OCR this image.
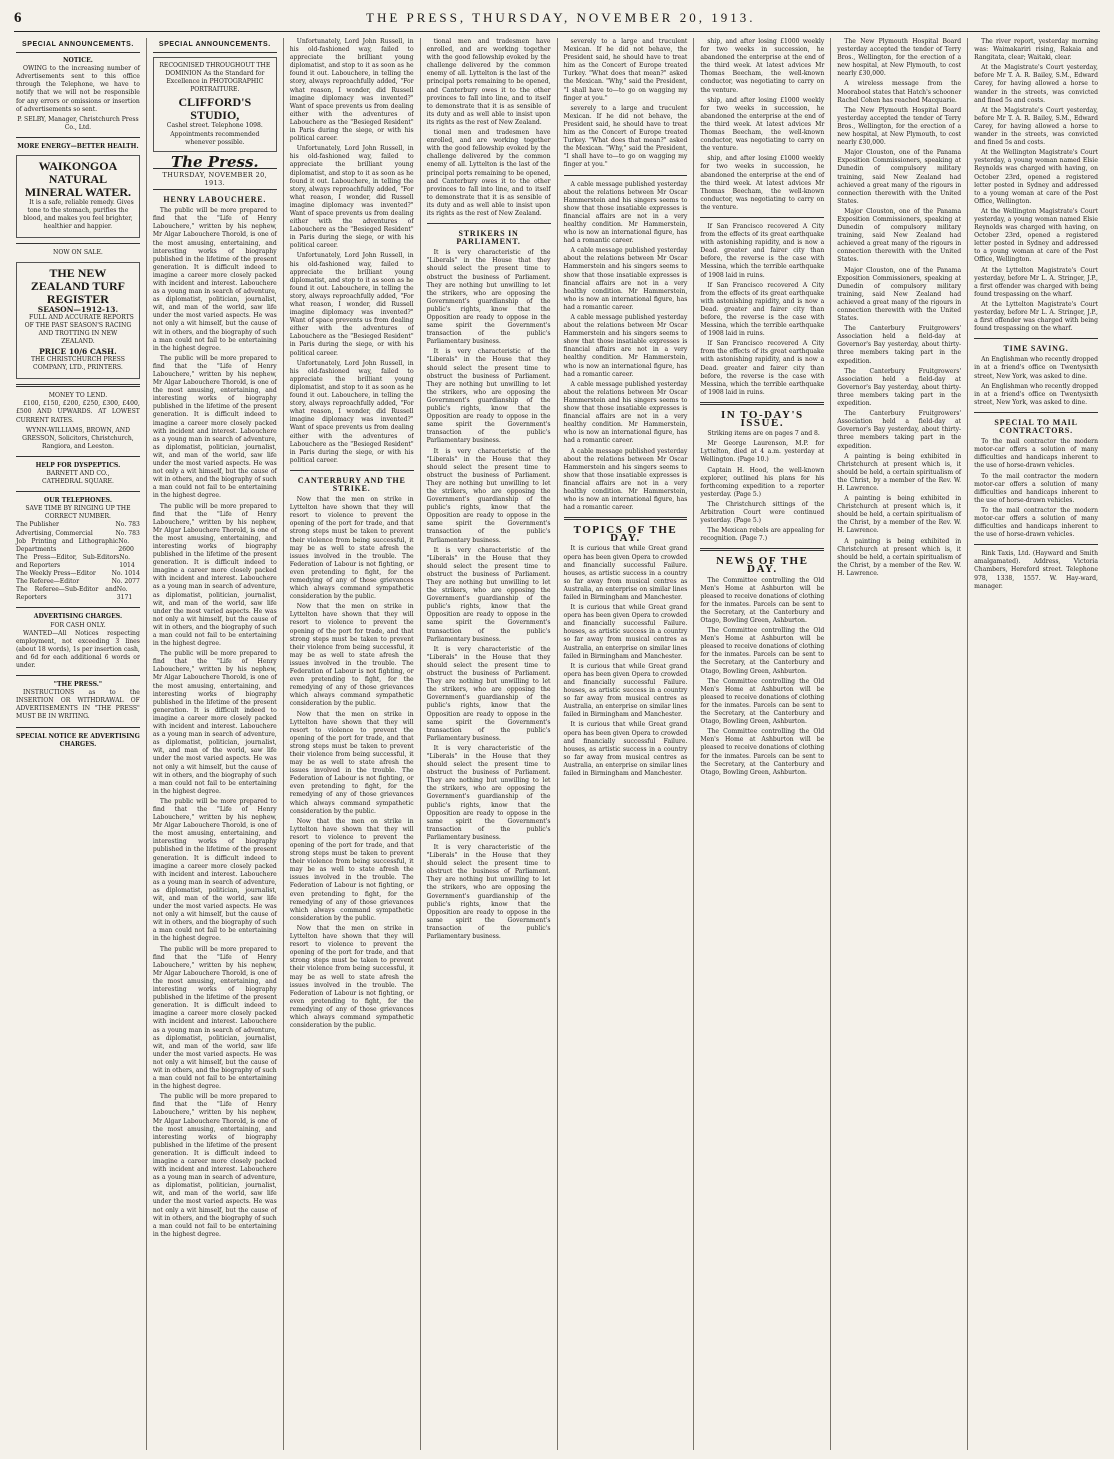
6	THE PRESS, THURSDAY, NOVEMBER 20, 1913.
SPECIAL ANNOUNCEMENTS.
NOTICE.

OWING to the increasing number of Advertisements sent to this office through the Telephone, we have to notify that we will not be responsible for any errors or omissions or insertion of advertisements so sent.

P. SELBY, Manager, Christchurch Press Co., Ltd.

MORE ENERGY—BETTER HEALTH.
WAIKONGOA NATURAL MINERAL WATER.

It is a safe, reliable remedy. Gives tone to the stomach, purifies the blood, and makes you feel brighter, healthier and happier.

NOW ON SALE.
THE NEW ZEALAND TURF REGISTER
SEASON—1912-13.

FULL AND ACCURATE REPORTS OF THE PAST SEASON'S RACING AND TROTTING IN NEW ZEALAND.

PRICE 10/6 CASH.

THE CHRISTCHURCH PRESS COMPANY, LTD., PRINTERS.

MONEY TO LEND.

£100, £150, £200, £250, £300, £400, £500 AND UPWARDS. AT LOWEST CURRENT RATES.

WYNN-WILLIAMS, BROWN, AND GRESSON, Solicitors, Christchurch, Rangiora, and Leeston.

HELP FOR DYSPEPTICS.
BARNETT AND CO.,
CATHEDRAL SQUARE.
OUR TELEPHONES.
SAVE TIME BY RINGING UP THE CORRECT NUMBER.
The Publisher	No. 783
Advertising, Commercial	No. 783
Job Printing and Lithographic Departments
No. 2600
The Press—Editor, Sub-Editors and Reporters
No. 1014
The Weekly Press—Editor	No. 1014
The Referee—Editor	No. 2077
The Referee—Sub-Editor and Reporters
No. 3171
ADVERTISING CHARGES.
FOR CASH ONLY.

WANTED—All Notices respecting employment, not exceeding 3 lines (about 18 words), 1s per insertion cash, and 6d for each additional 6 words or under.

"THE PRESS."

INSTRUCTIONS as to the INSERTION OR WITHDRAWAL OF ADVERTISEMENTS IN "THE PRESS" MUST BE IN WRITING.

SPECIAL NOTICE RE ADVERTISING CHARGES.
SPECIAL ANNOUNCEMENTS.

RECOGNISED THROUGHOUT THE DOMINION As the Standard for Excellence in PHOTOGRAPHIC PORTRAITURE.

CLIFFORD'S STUDIO,
Cashel street. Telephone 1098.
Appointments recommended whenever possible.
The Press.
THURSDAY, NOVEMBER 20, 1913.
HENRY LABOUCHERE.

The public will be more prepared to find that the "Life of Henry Labouchere," written by his nephew, Mr Algar Labouchere Thorold, is one of the most amusing, entertaining, and interesting works of biography published in the lifetime of the present generation. It is difficult indeed to imagine a career more closely packed with incident and interest. Labouchere as a young man in search of adventure, as diplomatist, politician, journalist, wit, and man of the world, saw life under the most varied aspects. He was not only a wit himself, but the cause of wit in others, and the biography of such a man could not fail to be entertaining in the highest degree.

The public will be more prepared to find that the "Life of Henry Labouchere," written by his nephew, Mr Algar Labouchere Thorold, is one of the most amusing, entertaining, and interesting works of biography published in the lifetime of the present generation. It is difficult indeed to imagine a career more closely packed with incident and interest. Labouchere as a young man in search of adventure, as diplomatist, politician, journalist, wit, and man of the world, saw life under the most varied aspects. He was not only a wit himself, but the cause of wit in others, and the biography of such a man could not fail to be entertaining in the highest degree.

The public will be more prepared to find that the "Life of Henry Labouchere," written by his nephew, Mr Algar Labouchere Thorold, is one of the most amusing, entertaining, and interesting works of biography published in the lifetime of the present generation. It is difficult indeed to imagine a career more closely packed with incident and interest. Labouchere as a young man in search of adventure, as diplomatist, politician, journalist, wit, and man of the world, saw life under the most varied aspects. He was not only a wit himself, but the cause of wit in others, and the biography of such a man could not fail to be entertaining in the highest degree.

The public will be more prepared to find that the "Life of Henry Labouchere," written by his nephew, Mr Algar Labouchere Thorold, is one of the most amusing, entertaining, and interesting works of biography published in the lifetime of the present generation. It is difficult indeed to imagine a career more closely packed with incident and interest. Labouchere as a young man in search of adventure, as diplomatist, politician, journalist, wit, and man of the world, saw life under the most varied aspects. He was not only a wit himself, but the cause of wit in others, and the biography of such a man could not fail to be entertaining in the highest degree.

The public will be more prepared to find that the "Life of Henry Labouchere," written by his nephew, Mr Algar Labouchere Thorold, is one of the most amusing, entertaining, and interesting works of biography published in the lifetime of the present generation. It is difficult indeed to imagine a career more closely packed with incident and interest. Labouchere as a young man in search of adventure, as diplomatist, politician, journalist, wit, and man of the world, saw life under the most varied aspects. He was not only a wit himself, but the cause of wit in others, and the biography of such a man could not fail to be entertaining in the highest degree.

The public will be more prepared to find that the "Life of Henry Labouchere," written by his nephew, Mr Algar Labouchere Thorold, is one of the most amusing, entertaining, and interesting works of biography published in the lifetime of the present generation. It is difficult indeed to imagine a career more closely packed with incident and interest. Labouchere as a young man in search of adventure, as diplomatist, politician, journalist, wit, and man of the world, saw life under the most varied aspects. He was not only a wit himself, but the cause of wit in others, and the biography of such a man could not fail to be entertaining in the highest degree.

The public will be more prepared to find that the "Life of Henry Labouchere," written by his nephew, Mr Algar Labouchere Thorold, is one of the most amusing, entertaining, and interesting works of biography published in the lifetime of the present generation. It is difficult indeed to imagine a career more closely packed with incident and interest. Labouchere as a young man in search of adventure, as diplomatist, politician, journalist, wit, and man of the world, saw life under the most varied aspects. He was not only a wit himself, but the cause of wit in others, and the biography of such a man could not fail to be entertaining in the highest degree.

Unfortunately, Lord John Russell, in his old-fashioned way, failed to appreciate the brilliant young diplomatist, and stop to it as soon as he found it out. Labouchere, in telling the story, always reproachfully added, "For what reason, I wonder, did Russell imagine diplomacy was invented?" Want of space prevents us from dealing either with the adventures of Labouchere as the "Besieged Resident" in Paris during the siege, or with his political career.

Unfortunately, Lord John Russell, in his old-fashioned way, failed to appreciate the brilliant young diplomatist, and stop to it as soon as he found it out. Labouchere, in telling the story, always reproachfully added, "For what reason, I wonder, did Russell imagine diplomacy was invented?" Want of space prevents us from dealing either with the adventures of Labouchere as the "Besieged Resident" in Paris during the siege, or with his political career.

Unfortunately, Lord John Russell, in his old-fashioned way, failed to appreciate the brilliant young diplomatist, and stop to it as soon as he found it out. Labouchere, in telling the story, always reproachfully added, "For what reason, I wonder, did Russell imagine diplomacy was invented?" Want of space prevents us from dealing either with the adventures of Labouchere as the "Besieged Resident" in Paris during the siege, or with his political career.

Unfortunately, Lord John Russell, in his old-fashioned way, failed to appreciate the brilliant young diplomatist, and stop to it as soon as he found it out. Labouchere, in telling the story, always reproachfully added, "For what reason, I wonder, did Russell imagine diplomacy was invented?" Want of space prevents us from dealing either with the adventures of Labouchere as the "Besieged Resident" in Paris during the siege, or with his political career.

CANTERBURY AND THE STRIKE.

Now that the men on strike in Lyttelton have shown that they will resort to violence to prevent the opening of the port for trade, and that strong steps must be taken to prevent their violence from being successful, it may be as well to state afresh the issues involved in the trouble. The Federation of Labour is not fighting, or even pretending to fight, for the remedying of any of those grievances which always command sympathetic consideration by the public.

Now that the men on strike in Lyttelton have shown that they will resort to violence to prevent the opening of the port for trade, and that strong steps must be taken to prevent their violence from being successful, it may be as well to state afresh the issues involved in the trouble. The Federation of Labour is not fighting, or even pretending to fight, for the remedying of any of those grievances which always command sympathetic consideration by the public.

Now that the men on strike in Lyttelton have shown that they will resort to violence to prevent the opening of the port for trade, and that strong steps must be taken to prevent their violence from being successful, it may be as well to state afresh the issues involved in the trouble. The Federation of Labour is not fighting, or even pretending to fight, for the remedying of any of those grievances which always command sympathetic consideration by the public.

Now that the men on strike in Lyttelton have shown that they will resort to violence to prevent the opening of the port for trade, and that strong steps must be taken to prevent their violence from being successful, it may be as well to state afresh the issues involved in the trouble. The Federation of Labour is not fighting, or even pretending to fight, for the remedying of any of those grievances which always command sympathetic consideration by the public.

Now that the men on strike in Lyttelton have shown that they will resort to violence to prevent the opening of the port for trade, and that strong steps must be taken to prevent their violence from being successful, it may be as well to state afresh the issues involved in the trouble. The Federation of Labour is not fighting, or even pretending to fight, for the remedying of any of those grievances which always command sympathetic consideration by the public.

tional men and tradesmen have enrolled, and are working together with the good fellowship evoked by the challenge delivered by the common enemy of all. Lyttelton is the last of the principal ports remaining to be opened, and Canterbury owes it to the other provinces to fall into line, and to itself to demonstrate that it is as sensible of its duty and as well able to insist upon its rights as the rest of New Zealand.

tional men and tradesmen have enrolled, and are working together with the good fellowship evoked by the challenge delivered by the common enemy of all. Lyttelton is the last of the principal ports remaining to be opened, and Canterbury owes it to the other provinces to fall into line, and to itself to demonstrate that it is as sensible of its duty and as well able to insist upon its rights as the rest of New Zealand.

STRIKERS IN PARLIAMENT.

It is very characteristic of the "Liberals" in the House that they should select the present time to obstruct the business of Parliament. They are nothing but unwilling to let the strikers, who are opposing the Government's guardianship of the public's rights, know that the Opposition are ready to oppose in the same spirit the Government's transaction of the public's Parliamentary business.

It is very characteristic of the "Liberals" in the House that they should select the present time to obstruct the business of Parliament. They are nothing but unwilling to let the strikers, who are opposing the Government's guardianship of the public's rights, know that the Opposition are ready to oppose in the same spirit the Government's transaction of the public's Parliamentary business.

It is very characteristic of the "Liberals" in the House that they should select the present time to obstruct the business of Parliament. They are nothing but unwilling to let the strikers, who are opposing the Government's guardianship of the public's rights, know that the Opposition are ready to oppose in the same spirit the Government's transaction of the public's Parliamentary business.

It is very characteristic of the "Liberals" in the House that they should select the present time to obstruct the business of Parliament. They are nothing but unwilling to let the strikers, who are opposing the Government's guardianship of the public's rights, know that the Opposition are ready to oppose in the same spirit the Government's transaction of the public's Parliamentary business.

It is very characteristic of the "Liberals" in the House that they should select the present time to obstruct the business of Parliament. They are nothing but unwilling to let the strikers, who are opposing the Government's guardianship of the public's rights, know that the Opposition are ready to oppose in the same spirit the Government's transaction of the public's Parliamentary business.

It is very characteristic of the "Liberals" in the House that they should select the present time to obstruct the business of Parliament. They are nothing but unwilling to let the strikers, who are opposing the Government's guardianship of the public's rights, know that the Opposition are ready to oppose in the same spirit the Government's transaction of the public's Parliamentary business.

It is very characteristic of the "Liberals" in the House that they should select the present time to obstruct the business of Parliament. They are nothing but unwilling to let the strikers, who are opposing the Government's guardianship of the public's rights, know that the Opposition are ready to oppose in the same spirit the Government's transaction of the public's Parliamentary business.

severely to a large and truculent Mexican. If he did not behave, the President said, he should have to treat him as the Concert of Europe treated Turkey. "What does that mean?" asked the Mexican. "Why," said the President, "I shall have to—to go on wagging my finger at you."

severely to a large and truculent Mexican. If he did not behave, the President said, he should have to treat him as the Concert of Europe treated Turkey. "What does that mean?" asked the Mexican. "Why," said the President, "I shall have to—to go on wagging my finger at you."

A cable message published yesterday about the relations between Mr Oscar Hammerstein and his singers seems to show that those insatiable expresses is financial affairs are not in a very healthy condition. Mr Hammerstein, who is now an international figure, has had a romantic career.

A cable message published yesterday about the relations between Mr Oscar Hammerstein and his singers seems to show that those insatiable expresses is financial affairs are not in a very healthy condition. Mr Hammerstein, who is now an international figure, has had a romantic career.

A cable message published yesterday about the relations between Mr Oscar Hammerstein and his singers seems to show that those insatiable expresses is financial affairs are not in a very healthy condition. Mr Hammerstein, who is now an international figure, has had a romantic career.

A cable message published yesterday about the relations between Mr Oscar Hammerstein and his singers seems to show that those insatiable expresses is financial affairs are not in a very healthy condition. Mr Hammerstein, who is now an international figure, has had a romantic career.

A cable message published yesterday about the relations between Mr Oscar Hammerstein and his singers seems to show that those insatiable expresses is financial affairs are not in a very healthy condition. Mr Hammerstein, who is now an international figure, has had a romantic career.

TOPICS OF THE DAY.

It is curious that while Great grand opera has been given Opera to crowded and financially successful Failure. houses, as artistic success in a country so far away from musical centres as Australia, an enterprise on similar lines failed in Birmingham and Manchester.

It is curious that while Great grand opera has been given Opera to crowded and financially successful Failure. houses, as artistic success in a country so far away from musical centres as Australia, an enterprise on similar lines failed in Birmingham and Manchester.

It is curious that while Great grand opera has been given Opera to crowded and financially successful Failure. houses, as artistic success in a country so far away from musical centres as Australia, an enterprise on similar lines failed in Birmingham and Manchester.

It is curious that while Great grand opera has been given Opera to crowded and financially successful Failure. houses, as artistic success in a country so far away from musical centres as Australia, an enterprise on similar lines failed in Birmingham and Manchester.

ship, and after losing £1000 weekly for two weeks in succession, he abandoned the enterprise at the end of the third week. At latest advices Mr Thomas Beecham, the well-known conductor, was negotiating to carry on the venture.

ship, and after losing £1000 weekly for two weeks in succession, he abandoned the enterprise at the end of the third week. At latest advices Mr Thomas Beecham, the well-known conductor, was negotiating to carry on the venture.

ship, and after losing £1000 weekly for two weeks in succession, he abandoned the enterprise at the end of the third week. At latest advices Mr Thomas Beecham, the well-known conductor, was negotiating to carry on the venture.

If San Francisco recovered A City from the effects of its great earthquake with astonishing rapidity, and is now a Dead. greater and fairer city than before, the reverse is the case with Messina, which the terrible earthquake of 1908 laid in ruins.

If San Francisco recovered A City from the effects of its great earthquake with astonishing rapidity, and is now a Dead. greater and fairer city than before, the reverse is the case with Messina, which the terrible earthquake of 1908 laid in ruins.

If San Francisco recovered A City from the effects of its great earthquake with astonishing rapidity, and is now a Dead. greater and fairer city than before, the reverse is the case with Messina, which the terrible earthquake of 1908 laid in ruins.

IN TO-DAY'S ISSUE.

Striking items are on pages 7 and 8.

Mr George Laurenson, M.P. for Lyttelton, died at 4 a.m. yesterday at Wellington. (Page 10.)

Captain H. Hood, the well-known explorer, outlined his plans for his forthcoming expedition to a reporter yesterday. (Page 5.)

The Christchurch sittings of the Arbitration Court were continued yesterday. (Page 5.)

The Mexican rebels are appealing for recognition. (Page 7.)

NEWS OF THE DAY.

The Committee controlling the Old Men's Home at Ashburton will be pleased to receive donations of clothing for the inmates. Parcels can be sent to the Secretary, at the Canterbury and Otago, Bowling Green, Ashburton.

The Committee controlling the Old Men's Home at Ashburton will be pleased to receive donations of clothing for the inmates. Parcels can be sent to the Secretary, at the Canterbury and Otago, Bowling Green, Ashburton.

The Committee controlling the Old Men's Home at Ashburton will be pleased to receive donations of clothing for the inmates. Parcels can be sent to the Secretary, at the Canterbury and Otago, Bowling Green, Ashburton.

The Committee controlling the Old Men's Home at Ashburton will be pleased to receive donations of clothing for the inmates. Parcels can be sent to the Secretary, at the Canterbury and Otago, Bowling Green, Ashburton.

The New Plymouth Hospital Board yesterday accepted the tender of Terry Bros., Wellington, for the erection of a new hospital, at New Plymouth, to cost nearly £30,000.

A wireless message from the Moorabool states that Hatch's schooner Rachel Cohen has reached Macquarie.

The New Plymouth Hospital Board yesterday accepted the tender of Terry Bros., Wellington, for the erection of a new hospital, at New Plymouth, to cost nearly £30,000.

Major Clouston, one of the Panama Exposition Commissioners, speaking at Dunedin of compulsory military training, said New Zealand had achieved a great many of the rigours in connection therewith with the United States.

Major Clouston, one of the Panama Exposition Commissioners, speaking at Dunedin of compulsory military training, said New Zealand had achieved a great many of the rigours in connection therewith with the United States.

Major Clouston, one of the Panama Exposition Commissioners, speaking at Dunedin of compulsory military training, said New Zealand had achieved a great many of the rigours in connection therewith with the United States.

The Canterbury Fruitgrowers' Association held a field-day at Governor's Bay yesterday, about thirty-three members taking part in the expedition.

The Canterbury Fruitgrowers' Association held a field-day at Governor's Bay yesterday, about thirty-three members taking part in the expedition.

The Canterbury Fruitgrowers' Association held a field-day at Governor's Bay yesterday, about thirty-three members taking part in the expedition.

A painting is being exhibited in Christchurch at present which is, it should be held, a certain spiritualism of the Christ, by a member of the Rev. W. H. Lawrence.

A painting is being exhibited in Christchurch at present which is, it should be held, a certain spiritualism of the Christ, by a member of the Rev. W. H. Lawrence.

A painting is being exhibited in Christchurch at present which is, it should be held, a certain spiritualism of the Christ, by a member of the Rev. W. H. Lawrence.

The river report, yesterday morning was: Waimakariri rising, Rakaia and Rangitata, clear; Waitaki, clear.

At the Magistrate's Court yesterday, before Mr T. A. R. Bailey, S.M., Edward Carey, for having allowed a horse to wander in the streets, was convicted and fined 5s and costs.

At the Magistrate's Court yesterday, before Mr T. A. R. Bailey, S.M., Edward Carey, for having allowed a horse to wander in the streets, was convicted and fined 5s and costs.

At the Wellington Magistrate's Court yesterday, a young woman named Elsie Reynolds was charged with having, on October 23rd, opened a registered letter posted in Sydney and addressed to a young woman at care of the Post Office, Wellington.

At the Wellington Magistrate's Court yesterday, a young woman named Elsie Reynolds was charged with having, on October 23rd, opened a registered letter posted in Sydney and addressed to a young woman at care of the Post Office, Wellington.

At the Lyttelton Magistrate's Court yesterday, before Mr L. A. Stringer, J.P., a first offender was charged with being found trespassing on the wharf.

At the Lyttelton Magistrate's Court yesterday, before Mr L. A. Stringer, J.P., a first offender was charged with being found trespassing on the wharf.

TIME SAVING.

An Englishman who recently dropped in at a friend's office on Twentysixth street, New York, was asked to dine.

An Englishman who recently dropped in at a friend's office on Twentysixth street, New York, was asked to dine.

SPECIAL TO MAIL CONTRACTORS.

To the mail contractor the modern motor-car offers a solution of many difficulties and handicaps inherent to the use of horse-drawn vehicles.

To the mail contractor the modern motor-car offers a solution of many difficulties and handicaps inherent to the use of horse-drawn vehicles.

To the mail contractor the modern motor-car offers a solution of many difficulties and handicaps inherent to the use of horse-drawn vehicles.

Rink Taxis, Ltd. (Hayward and Smith amalgamated). Address, Victoria Chambers, Hereford street. Telephone 978, 1338, 1557. W. Hay-ward, manager.
